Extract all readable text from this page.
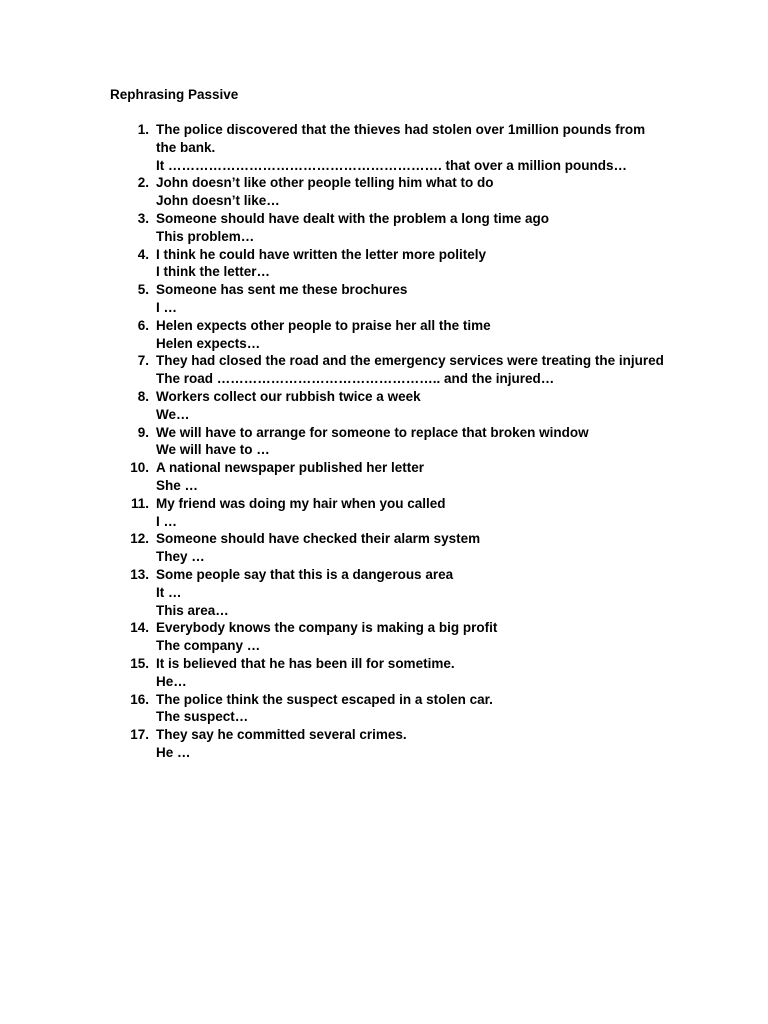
Rephrasing Passive
1. The police discovered that the thieves had stolen over 1million pounds from
the bank.
It ……………………………………………………. that over a million pounds…
2. John doesn’t like other people telling him what to do
John doesn’t like…
3. Someone should have dealt with the problem a long time ago
This problem…
4. I think he could have written the letter more politely
I think the letter…
5. Someone has sent me these brochures
I …
6. Helen expects other people to praise her all the time
Helen expects…
7. They had closed the road and the emergency services were treating the injured
The road ………………………………………….. and the injured…
8. Workers collect our rubbish twice a week
We…
9. We will have to arrange for someone to replace that broken window
We will have to …
10. A national newspaper published her letter
She …
11. My friend was doing my hair when you called
I …
12. Someone should have checked their alarm system
They …
13. Some people say that this is a dangerous area
It …
This area…
14. Everybody knows the company is making a big profit
The company …
15. It is believed that he has been ill for sometime.
He…
16. The police think the suspect escaped in a stolen car.
The suspect…
17. They say he committed several crimes.
He …
